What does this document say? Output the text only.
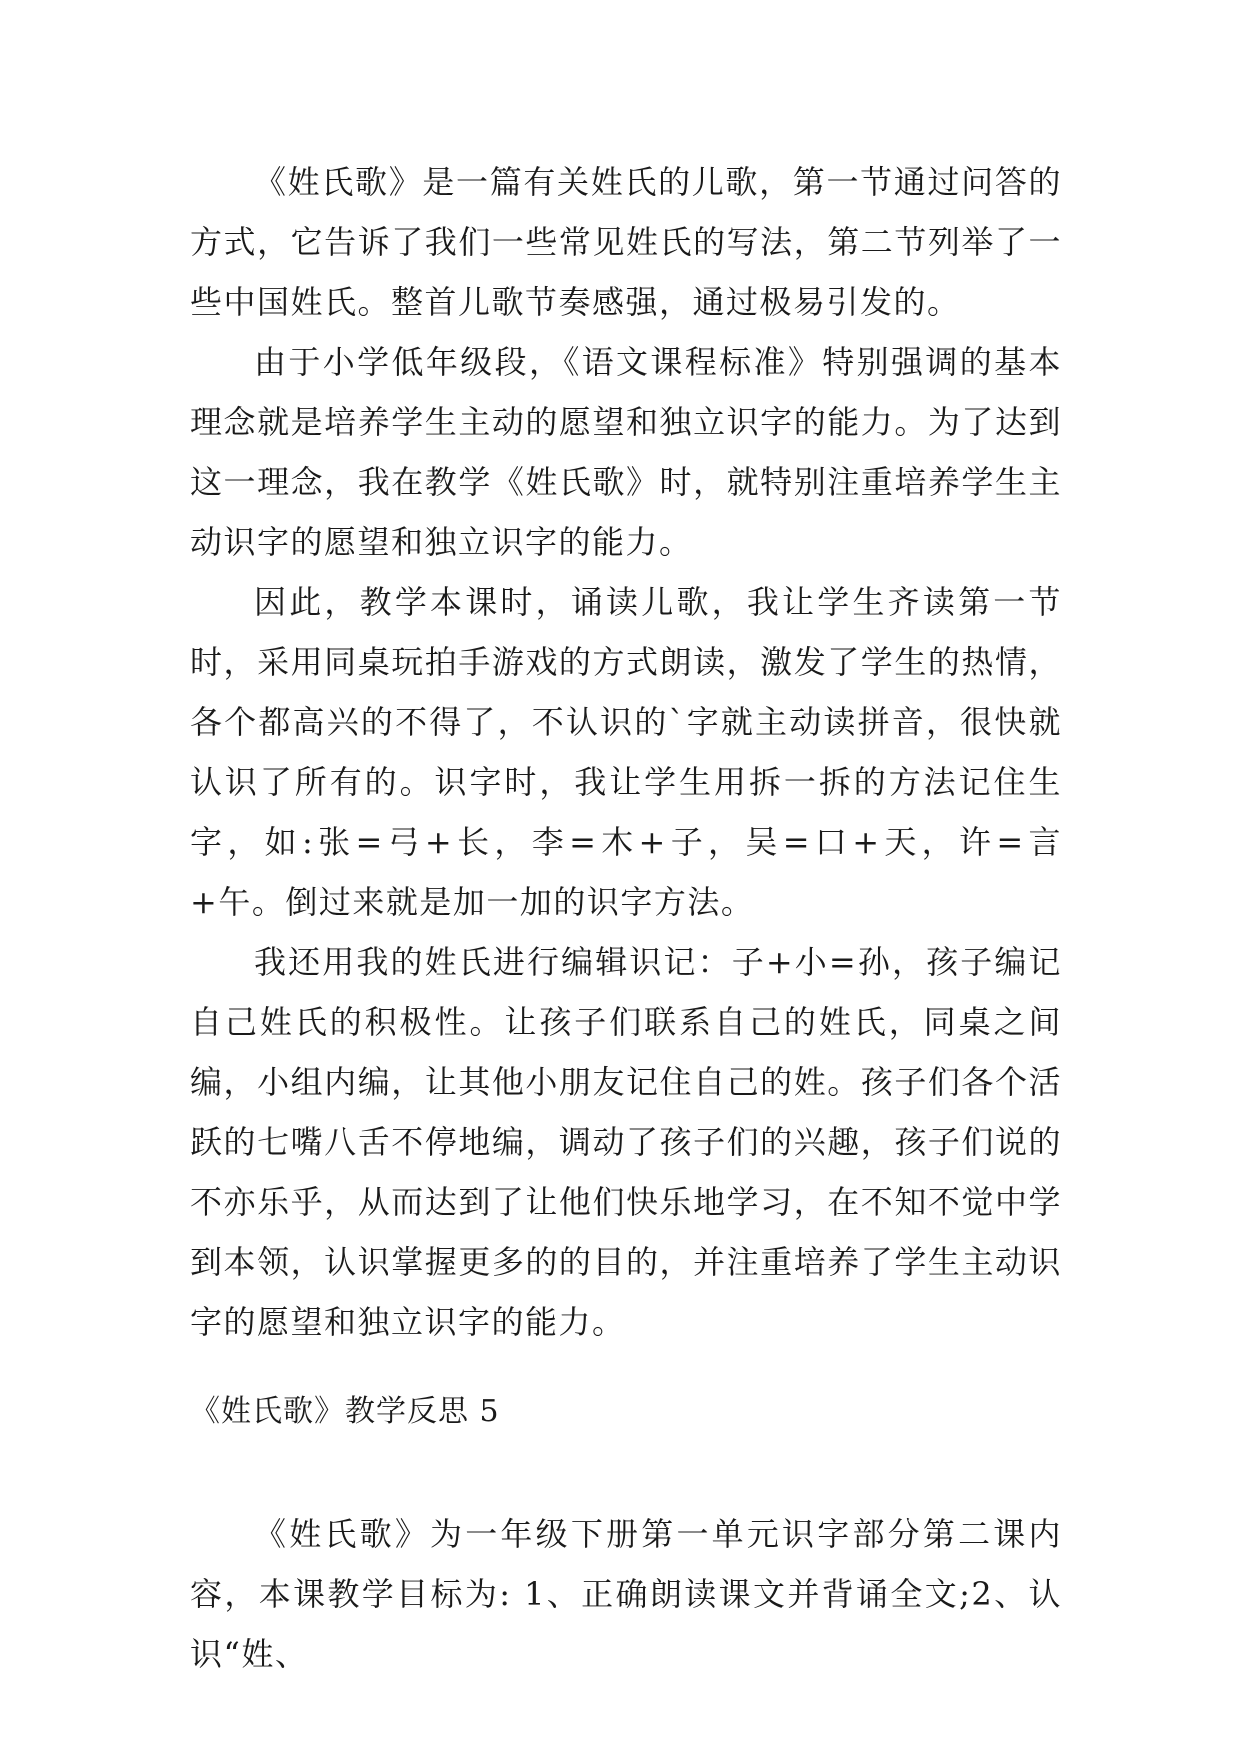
《姓氏歌》是一篇有关姓氏的儿歌，第一节通过问答的方式，它告诉了我们一些常见姓氏的写法，第二节列举了一些中国姓氏。整首儿歌节奏感强，通过极易引发的。

由于小学低年级段，《语文课程标准》特别强调的基本理念就是培养学生主动的愿望和独立识字的能力。为了达到这一理念，我在教学《姓氏歌》时，就特别注重培养学生主动识字的愿望和独立识字的能力。

因此，教学本课时，诵读儿歌，我让学生齐读第一节时，采用同桌玩拍手游戏的方式朗读，激发了学生的热情，各个都高兴的不得了，不认识的`字就主动读拼音，很快就认识了所有的。识字时，我让学生用拆一拆的方法记住生字，如:张=弓+长，李=木+子，吴=口+天，许=言+午。倒过来就是加一加的识字方法。

我还用我的姓氏进行编辑识记：子+小=孙，孩子编记自己姓氏的积极性。让孩子们联系自己的姓氏，同桌之间编，小组内编，让其他小朋友记住自己的姓。孩子们各个活跃的七嘴八舌不停地编，调动了孩子们的兴趣，孩子们说的不亦乐乎，从而达到了让他们快乐地学习，在不知不觉中学到本领，认识掌握更多的的目的，并注重培养了学生主动识字的愿望和独立识字的能力。

《姓氏歌》教学反思 5

《姓氏歌》为一年级下册第一单元识字部分第二课内容，本课教学目标为: 1、正确朗读课文并背诵全文;2、认识“姓、
